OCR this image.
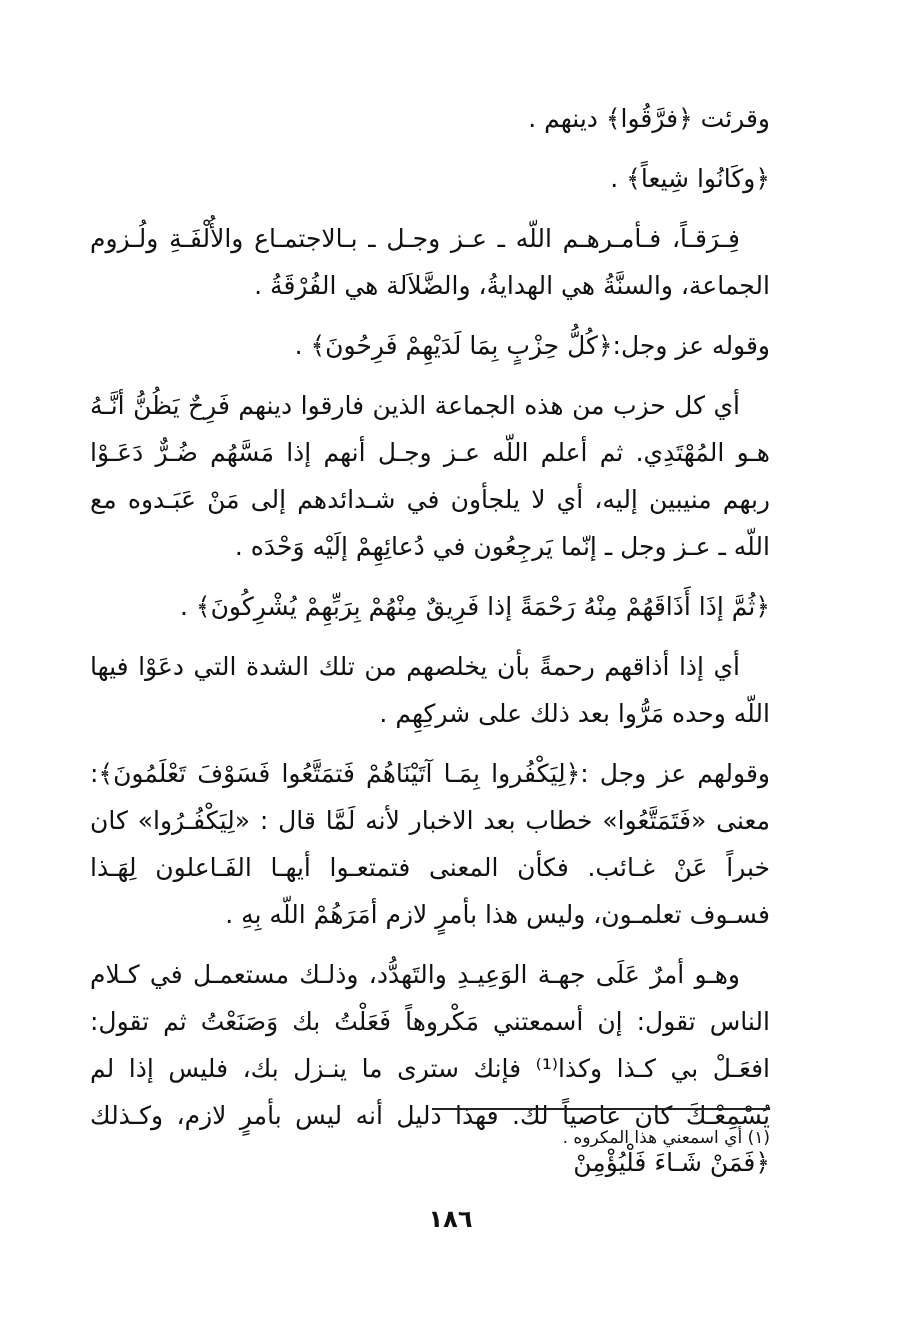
وقرئت ﴿فرَّقُوا﴾ دينهم .

﴿وكَانُوا شِيعاً﴾ .

فِـرَقـاً، فـأمـرهـم اللّه ـ عـز وجـل ـ بـالاجتمـاع والأُلْفَـةِ ولُـزوم الجماعة، والسنَّةُ هي الهدايةُ، والضَّلاَلة هي الفُرْقَةُ .

وقوله عز وجل:﴿كُلُّ حِزْبٍ بِمَا لَدَيْهِمْ فَرِحُونَ﴾ .

أي كل حزب من هذه الجماعة الذين فارقوا دينهم فَرِحٌ يَظُنُّ أنَّـهُ هـو المُهْتَدِي. ثم أعلم اللّه عـز وجـل أنهم إذا مَسَّهُم ضُـرٌّ دَعَـوْا ربهم منيبين إليه، أي لا يلجأون في شـدائدهم إلى مَنْ عَبَـدوه مع اللّه ـ عـز وجل ـ إنّما يَرجِعُون في دُعائِهِمْ إلَيْه وَحْدَه .

﴿ثُمَّ إذَا أَذَاقَهُمْ مِنْهُ رَحْمَةً إذا فَرِيقٌ مِنْهُمْ بِرَبِّهِمْ يُشْرِكُونَ﴾ .

أي إذا أذاقهم رحمةً بأن يخلصهم من تلك الشدة التي دعَوْا فيها اللّه وحده مَرُّوا بعد ذلك على شركِهِم .

وقولهم عز وجل :﴿لِيَكْفُروا بِمَـا آتَيْنَاهُمْ فَتمَتَّعُوا فَسَوْفَ تَعْلَمُونَ﴾: معنى «فَتَمَتَّعُوا» خطاب بعد الاخبار لأنه لَمَّا قال : «لِيَكْفُـرُوا» كان خبراً عَنْ غـائب. فكأن المعنى فتمتعـوا أيهـا الفَـاعلون لِهَـذا فسـوف تعلمـون، وليس هذا بأمرٍ لازم أمَرَهُمْ اللّه بِهِ .

وهـو أمرٌ عَلَى جهـة الوَعِيـدِ والتَهدُّد، وذلـك مستعمـل في كـلام الناس تقول: إن أسمعتني مَكْروهاً فَعَلْتُ بك وَصَنَعْتُ ثم تقول: افعَـلْ بي كـذا وكذا⁽¹⁾ فإنك سترى ما ينـزل بك، فليس إذا لم يُسْمِعْـكَ كان عاصياً لك. فهذا دليل أنه ليس بأمرٍ لازم، وكـذلك ﴿فَمَنْ شَـاءَ فَلْيُؤْمِنْ

(١) أي اسمعني هذا المكروه .
١٨٦
